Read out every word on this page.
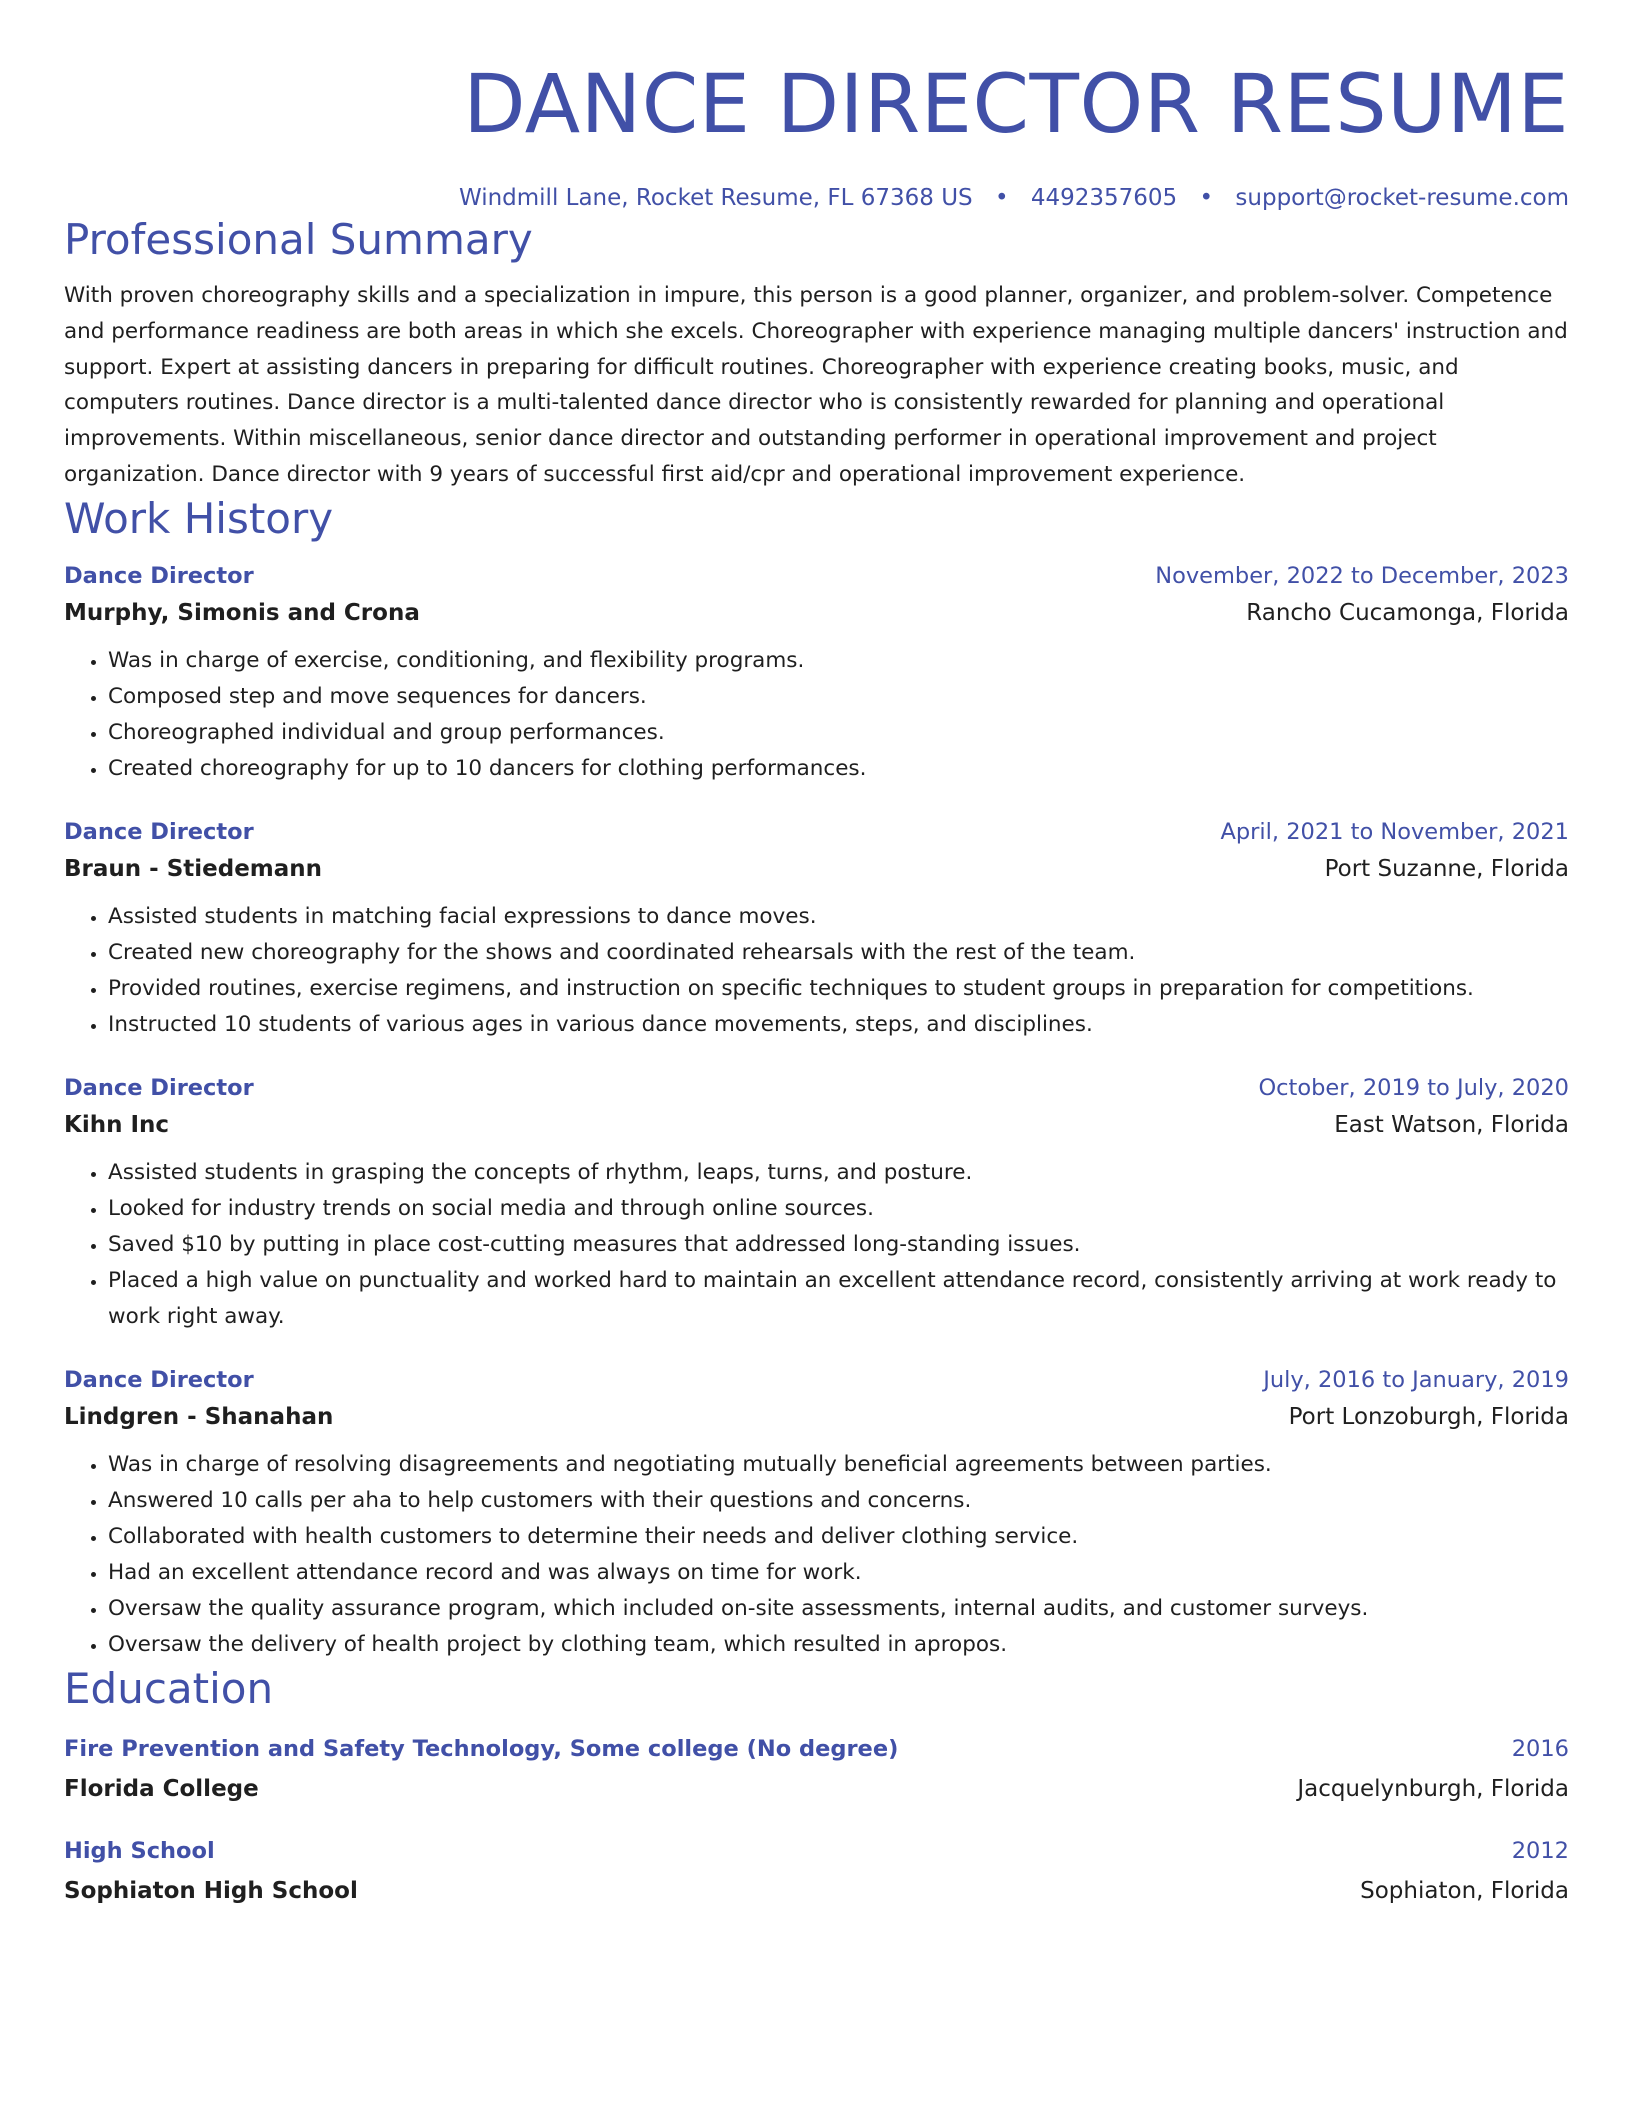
DANCE DIRECTOR RESUME
Windmill Lane, Rocket Resume, FL 67368 US • 4492357605 • support@rocket-resume.com
Professional Summary

With proven choreography skills and a specialization in impure, this person is a good planner, organizer, and problem-solver. Competence and performance readiness are both areas in which she excels. Choreographer with experience managing multiple dancers' instruction and support. Expert at assisting dancers in preparing for difficult routines. Choreographer with experience creating books, music, and computers routines. Dance director is a multi-talented dance director who is consistently rewarded for planning and operational improvements. Within miscellaneous, senior dance director and outstanding performer in operational improvement and project organization. Dance director with 9 years of successful first aid/cpr and operational improvement experience.

Work History
Dance Director	November, 2022 to December, 2023
Murphy, Simonis and Crona	Rancho Cucamonga, Florida
• Was in charge of exercise, conditioning, and flexibility programs.
• Composed step and move sequences for dancers.
• Choreographed individual and group performances.
• Created choreography for up to 10 dancers for clothing performances.
Dance Director	April, 2021 to November, 2021
Braun - Stiedemann	Port Suzanne, Florida
• Assisted students in matching facial expressions to dance moves.
• Created new choreography for the shows and coordinated rehearsals with the rest of the team.
• Provided routines, exercise regimens, and instruction on specific techniques to student groups in preparation for competitions.
• Instructed 10 students of various ages in various dance movements, steps, and disciplines.
Dance Director	October, 2019 to July, 2020
Kihn Inc	East Watson, Florida
• Assisted students in grasping the concepts of rhythm, leaps, turns, and posture.
• Looked for industry trends on social media and through online sources.
• Saved $10 by putting in place cost-cutting measures that addressed long-standing issues.
• Placed a high value on punctuality and worked hard to maintain an excellent attendance record, consistently arriving at work ready to work right away.
Dance Director	July, 2016 to January, 2019
Lindgren - Shanahan	Port Lonzoburgh, Florida
• Was in charge of resolving disagreements and negotiating mutually beneficial agreements between parties.
• Answered 10 calls per aha to help customers with their questions and concerns.
• Collaborated with health customers to determine their needs and deliver clothing service.
• Had an excellent attendance record and was always on time for work.
• Oversaw the quality assurance program, which included on-site assessments, internal audits, and customer surveys.
• Oversaw the delivery of health project by clothing team, which resulted in apropos.
Education
Fire Prevention and Safety Technology, Some college (No degree)	2016
Florida College	Jacquelynburgh, Florida
High School	2012
Sophiaton High School	Sophiaton, Florida
